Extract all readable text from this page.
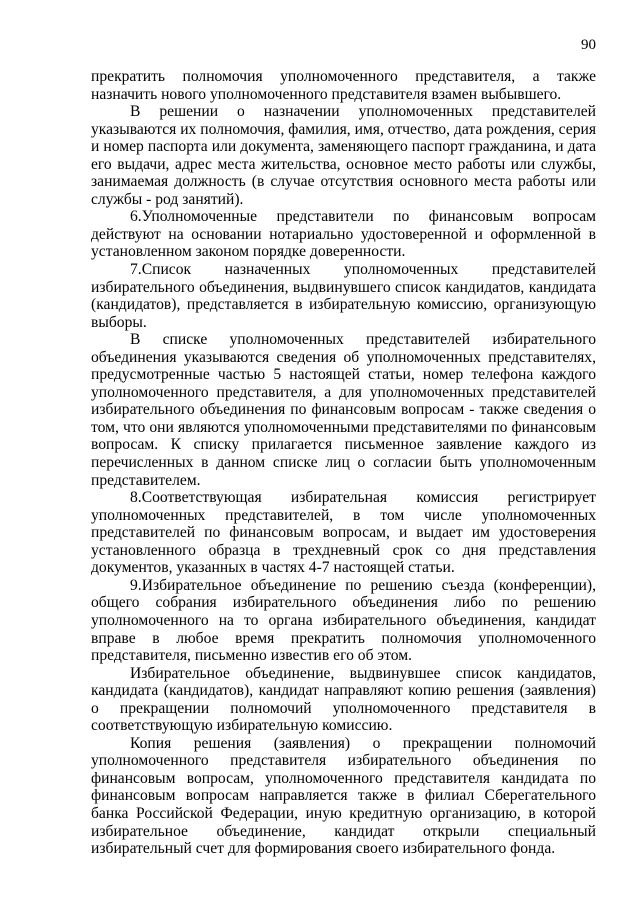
90

прекратить полномочия уполномоченного представителя, а также назначить нового уполномоченного представителя взамен выбывшего.

В решении о назначении уполномоченных представителей указываются их полномочия, фамилия, имя, отчество, дата рождения, серия и номер паспорта или документа, заменяющего паспорт гражданина, и дата его выдачи, адрес места жительства, основное место работы или службы, занимаемая должность (в случае отсутствия основного места работы или службы - род занятий).

6.Уполномоченные представители по финансовым вопросам действуют на основании нотариально удостоверенной и оформленной в установленном законом порядке доверенности.

7.Список назначенных уполномоченных представителей избирательного объединения, выдвинувшего список кандидатов, кандидата (кандидатов), представляется в избирательную комиссию, организующую выборы.

В списке уполномоченных представителей избирательного объединения указываются сведения об уполномоченных представителях, предусмотренные частью 5 настоящей статьи, номер телефона каждого уполномоченного представителя, а для уполномоченных представителей избирательного объединения по финансовым вопросам - также сведения о том, что они являются уполномоченными представителями по финансовым вопросам. К списку прилагается письменное заявление каждого из перечисленных в данном списке лиц о согласии быть уполномоченным представителем.

8.Соответствующая избирательная комиссия регистрирует уполномоченных представителей, в том числе уполномоченных представителей по финансовым вопросам, и выдает им удостоверения установленного образца в трехдневный срок со дня представления документов, указанных в частях 4-7 настоящей статьи.

9.Избирательное объединение по решению съезда (конференции), общего собрания избирательного объединения либо по решению уполномоченного на то органа избирательного объединения, кандидат вправе в любое время прекратить полномочия уполномоченного представителя, письменно известив его об этом.

Избирательное объединение, выдвинувшее список кандидатов, кандидата (кандидатов), кандидат направляют копию решения (заявления) о прекращении полномочий уполномоченного представителя в соответствующую избирательную комиссию.

Копия решения (заявления) о прекращении полномочий уполномоченного представителя избирательного объединения по финансовым вопросам, уполномоченного представителя кандидата по финансовым вопросам направляется также в филиал Сберегательного банка Российской Федерации, иную кредитную организацию, в которой избирательное объединение, кандидат открыли специальный избирательный счет для формирования своего избирательного фонда.
